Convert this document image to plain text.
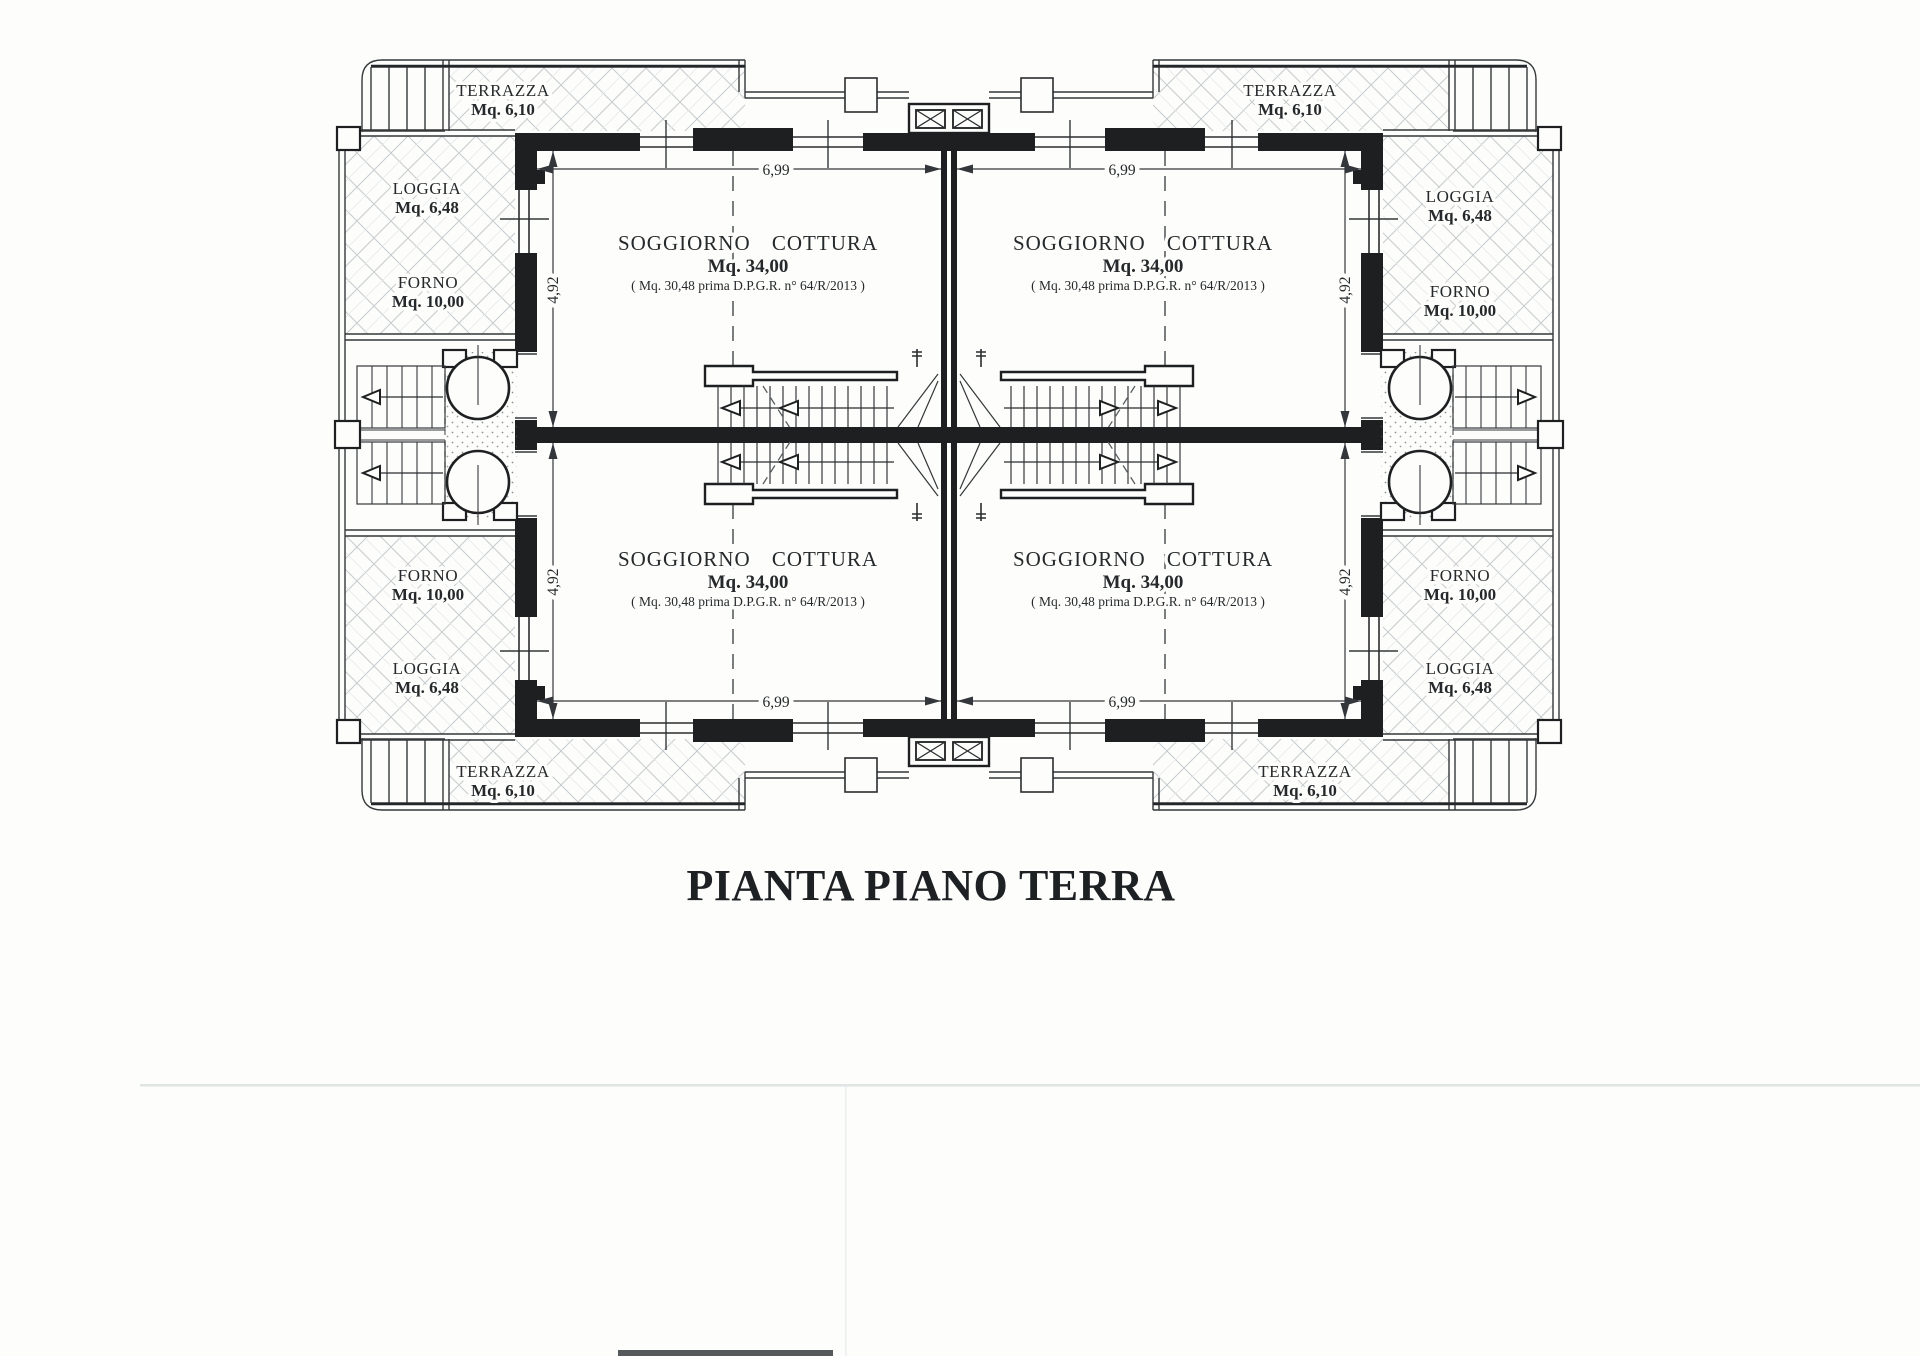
TERRAZZA
Mq. 6,10
TERRAZZA
Mq. 6,10
TERRAZZA
Mq. 6,10
TERRAZZA
Mq. 6,10
LOGGIA
Mq. 6,48
LOGGIA
Mq. 6,48
LOGGIA
Mq. 6,48
LOGGIA
Mq. 6,48
FORNO
Mq. 10,00
FORNO
Mq. 10,00
FORNO
Mq. 10,00
FORNO
Mq. 10,00
SOGGIORNO COTTURA
Mq. 34,00
( Mq. 30,48 prima D.P.G.R. n° 64/R/2013 )
SOGGIORNO COTTURA
Mq. 34,00
( Mq. 30,48 prima D.P.G.R. n° 64/R/2013 )
SOGGIORNO COTTURA
Mq. 34,00
( Mq. 30,48 prima D.P.G.R. n° 64/R/2013 )
SOGGIORNO COTTURA
Mq. 34,00
( Mq. 30,48 prima D.P.G.R. n° 64/R/2013 )
6,99	6,99
6,99	6,99
4,92
4,92
4,92
4,92
PIANTA PIANO TERRA
